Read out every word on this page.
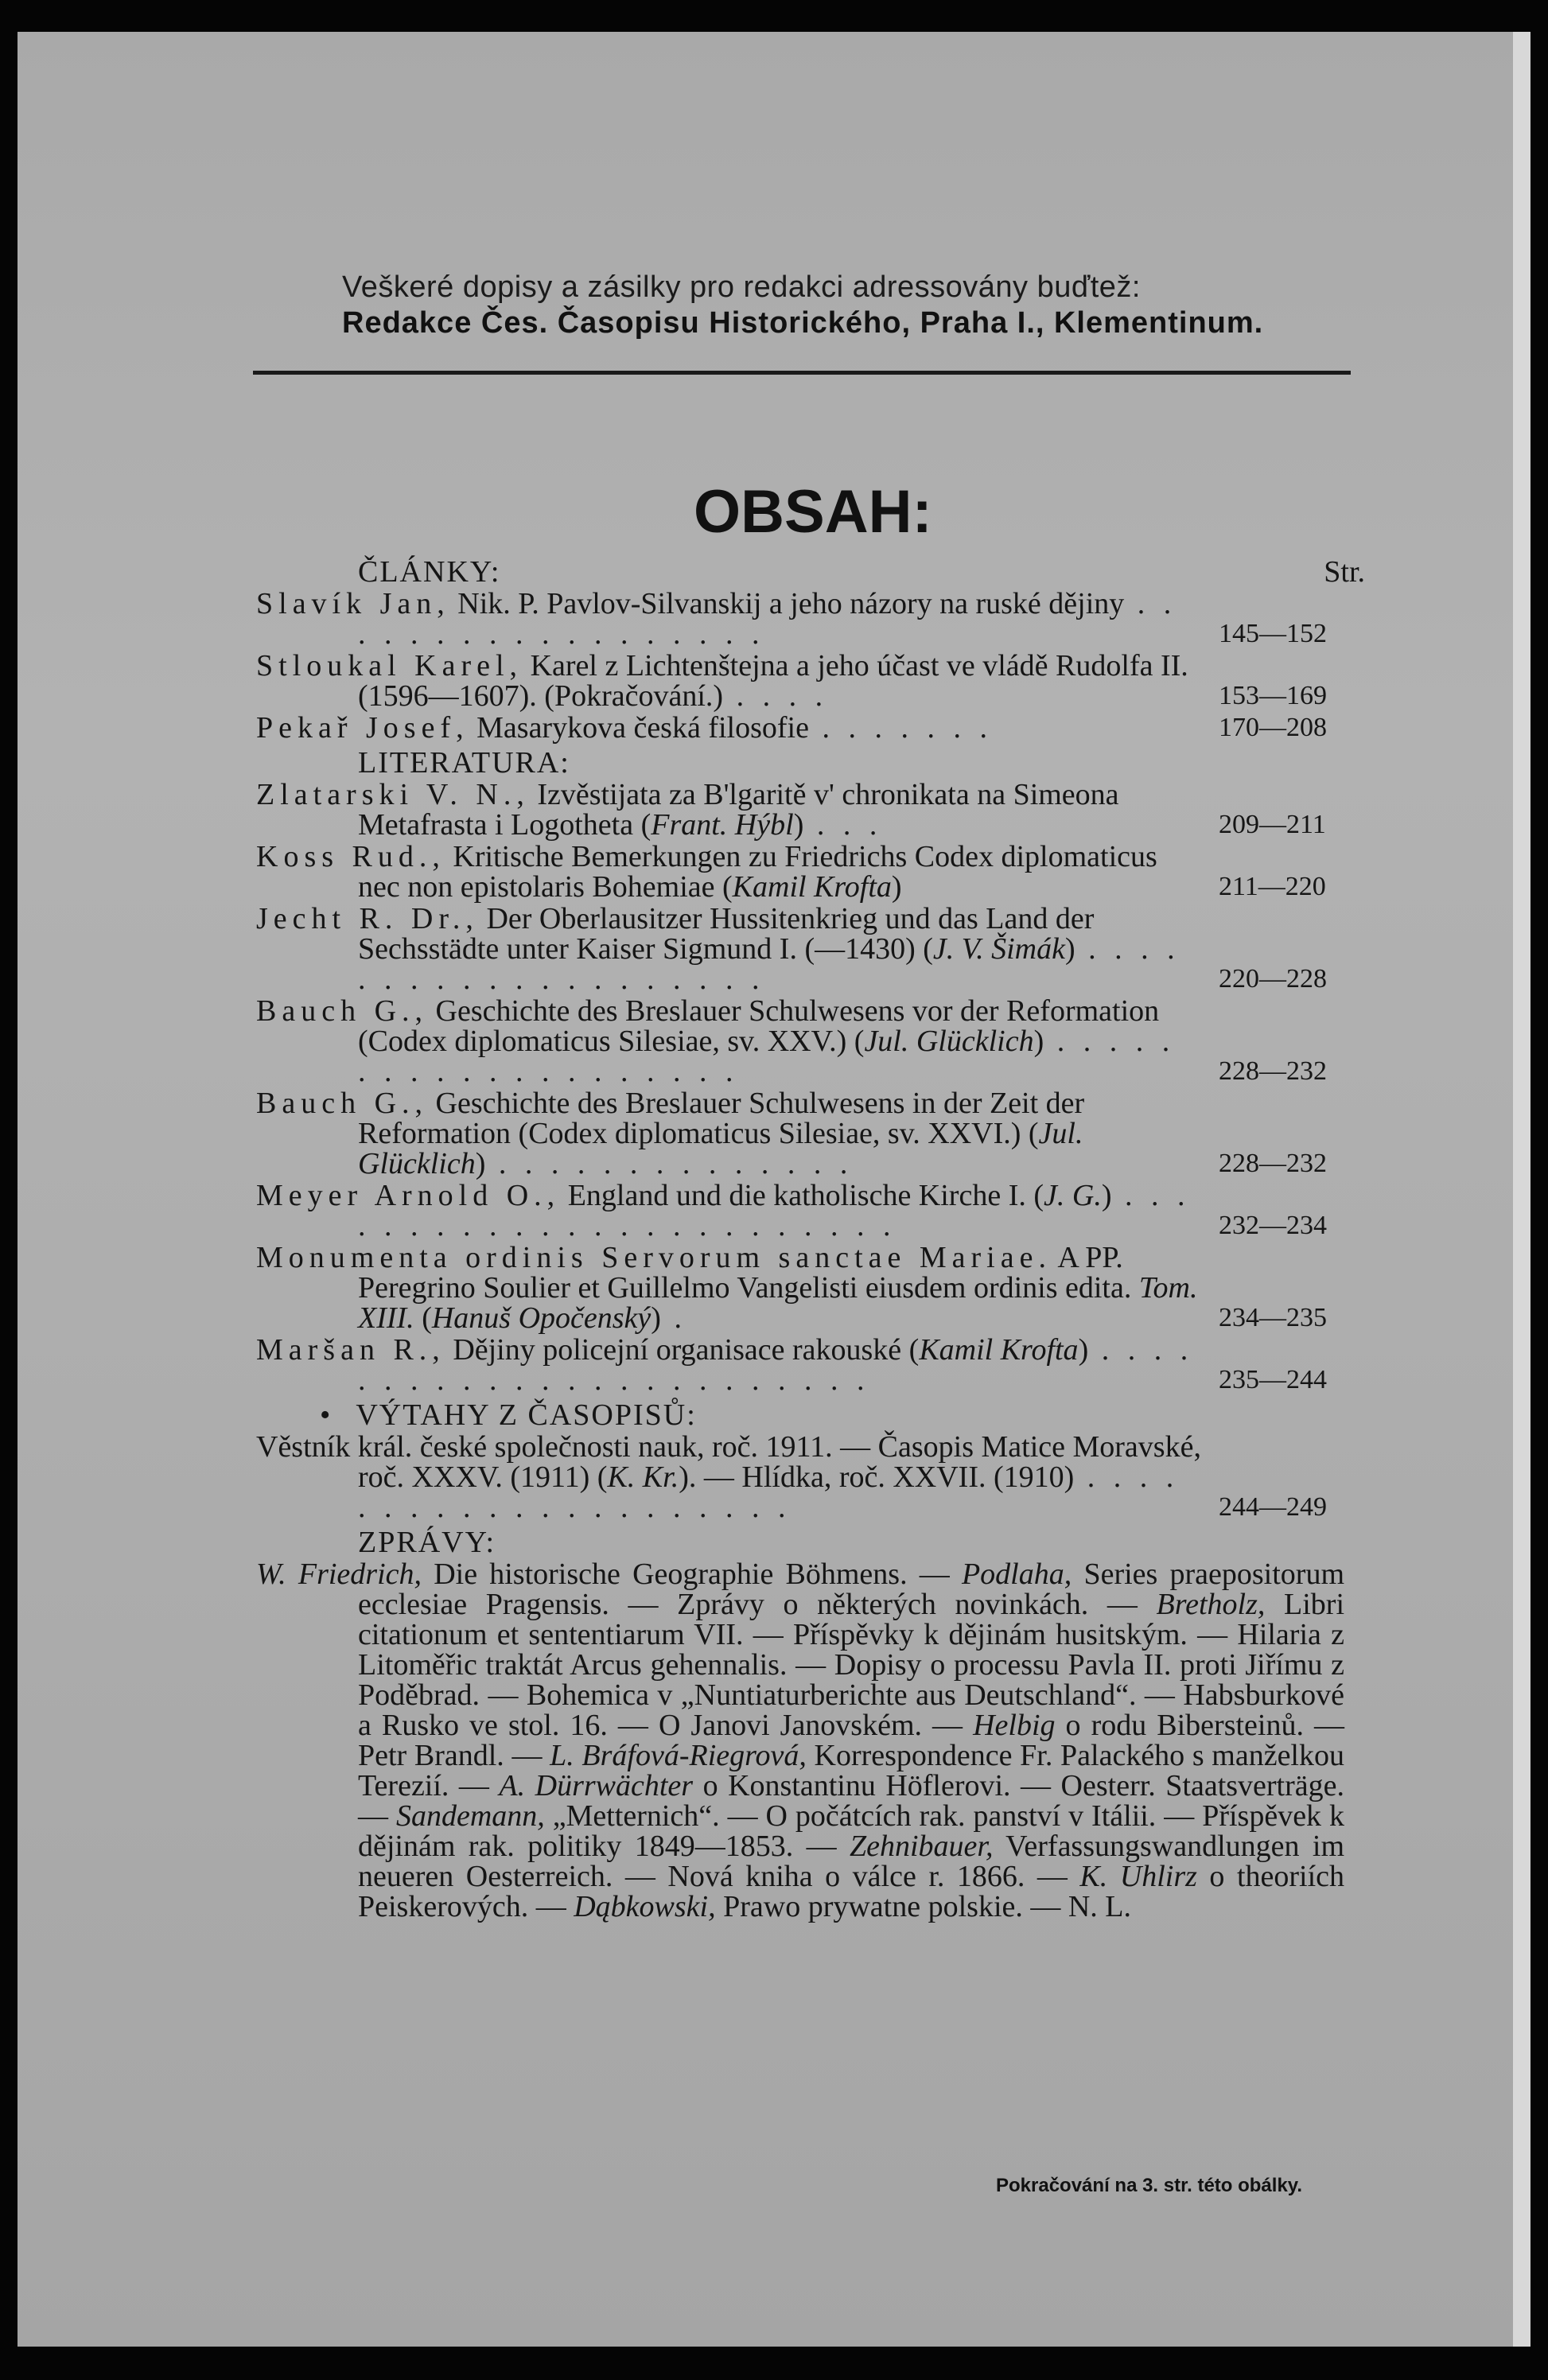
Veškeré dopisy a zásilky pro redakci adressovány buďtež:
Redakce Čes. Časopisu Historického, Praha I., Klementinum.
OBSAH:
ČLÁNKY:	Str.
Slavík Jan, Nik. P. Pavlov-Silvanskij a jeho názory na ruské dějiny . . . . . . . . . . . . . . . . . .	145—152
Stloukal Karel, Karel z Lichtenštejna a jeho účast ve vládě Rudolfa II. (1596—1607). (Pokračování.) . . . .	153—169
Pekař Josef, Masarykova česká filosofie . . . . . . .	170—208
LITERATURA:
Zlatarski V. N., Izvěstijata za B'lgaritě v' chronikata na Simeona Metafrasta i Logotheta (Frant. Hýbl) . . .	209—211
Koss Rud., Kritische Bemerkungen zu Friedrichs Codex diplomaticus nec non epistolaris Bohemiae (Kamil Krofta)	211—220
Jecht R. Dr., Der Oberlausitzer Hussitenkrieg und das Land der Sechsstädte unter Kaiser Sigmund I. (—1430) (J. V. Šimák) . . . . . . . . . . . . . . . . . . . .	220—228
Bauch G., Geschichte des Breslauer Schulwesens vor der Reformation (Codex diplomaticus Silesiae, sv. XXV.) (Jul. Glücklich) . . . . . . . . . . . . . . . . . . . .	228—232
Bauch G., Geschichte des Breslauer Schulwesens in der Zeit der Reformation (Codex diplomaticus Silesiae, sv. XXVI.) (Jul. Glücklich) . . . . . . . . . . . . . .	228—232
Meyer Arnold O., England und die katholische Kirche I. (J. G.) . . . . . . . . . . . . . . . . . . . . . . . .	232—234
Monumenta ordinis Servorum sanctae Mariae. A PP. Peregrino Soulier et Guillelmo Vangelisti eiusdem ordinis edita. Tom. XIII. (Hanuš Opočenský) .	234—235
Maršan R., Dějiny policejní organisace rakouské (Kamil Krofta) . . . . . . . . . . . . . . . . . . . . . . . .	235—244
• VÝTAHY Z ČASOPISŮ:
Věstník král. české společnosti nauk, roč. 1911. — Časopis Matice Moravské, roč. XXXV. (1911) (K. Kr.). — Hlídka, roč. XXVII. (1910) . . . . . . . . . . . . . . . . . . . . .	244—249
ZPRÁVY:
W. Friedrich, Die historische Geographie Böhmens. — Podlaha, Series praepositorum ecclesiae Pragensis. — Zprávy o některých novinkách. — Bretholz, Libri citationum et sententiarum VII. — Příspěvky k dějinám husitským. — Hilaria z Litoměřic traktát Arcus gehennalis. — Dopisy o processu Pavla II. proti Jiřímu z Poděbrad. — Bohemica v „Nuntiaturberichte aus Deutschland“. — Habsburkové a Rusko ve stol. 16. — O Janovi Janovském. — Helbig o rodu Bibersteinů. — Petr Brandl. — L. Bráfová-Riegrová, Korrespondence Fr. Palackého s manželkou Terezií. — A. Dürrwächter o Konstantinu Höflerovi. — Oesterr. Staatsverträge. — Sandemann, „Metternich“. — O počátcích rak. panství v Itálii. — Příspěvek k dějinám rak. politiky 1849—1853. — Zehnibauer, Verfassungswandlungen im neueren Oesterreich. — Nová kniha o válce r. 1866. — K. Uhlirz o theoriích Peiskerových. — Dąbkowski, Prawo prywatne polskie. — N. L.
Pokračování na 3. str. této obálky.
